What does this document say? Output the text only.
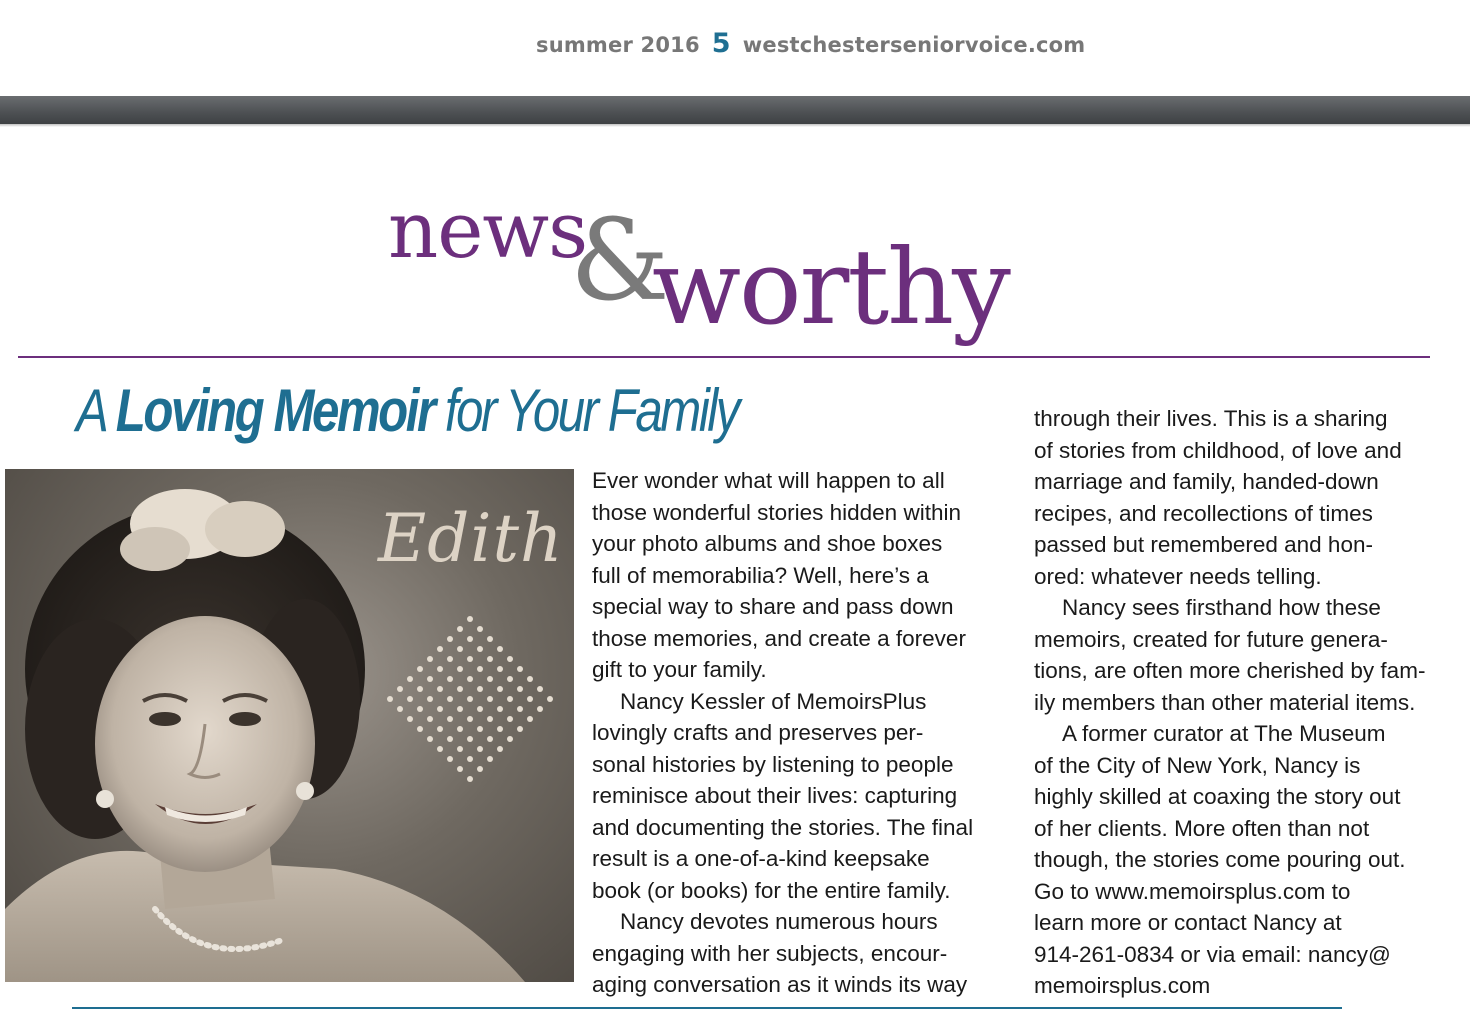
summer 2016 5 westchesterseniorvoice.com
news
&
worthy
A Loving Memoir for Your Family
Edith

Ever wonder what will happen to all

those wonderful stories hidden within

your photo albums and shoe boxes

full of memorabilia? Well, here’s a

special way to share and pass down

those memories, and create a forever

gift to your family.

Nancy Kessler of MemoirsPlus

lovingly crafts and preserves per-

sonal histories by listening to people

reminisce about their lives: capturing

and documenting the stories. The final

result is a one-of-a-kind keepsake

book (or books) for the entire family.

Nancy devotes numerous hours

engaging with her subjects, encour-

aging conversation as it winds its way

through their lives. This is a sharing

of stories from childhood, of love and

marriage and family, handed-down

recipes, and recollections of times

passed but remembered and hon-

ored: whatever needs telling.

Nancy sees firsthand how these

memoirs, created for future genera-

tions, are often more cherished by fam-

ily members than other material items.

A former curator at The Museum

of the City of New York, Nancy is

highly skilled at coaxing the story out

of her clients. More often than not

though, the stories come pouring out.

Go to www.memoirsplus.com to

learn more or contact Nancy at

914-261-0834 or via email: nancy@

memoirsplus.com
